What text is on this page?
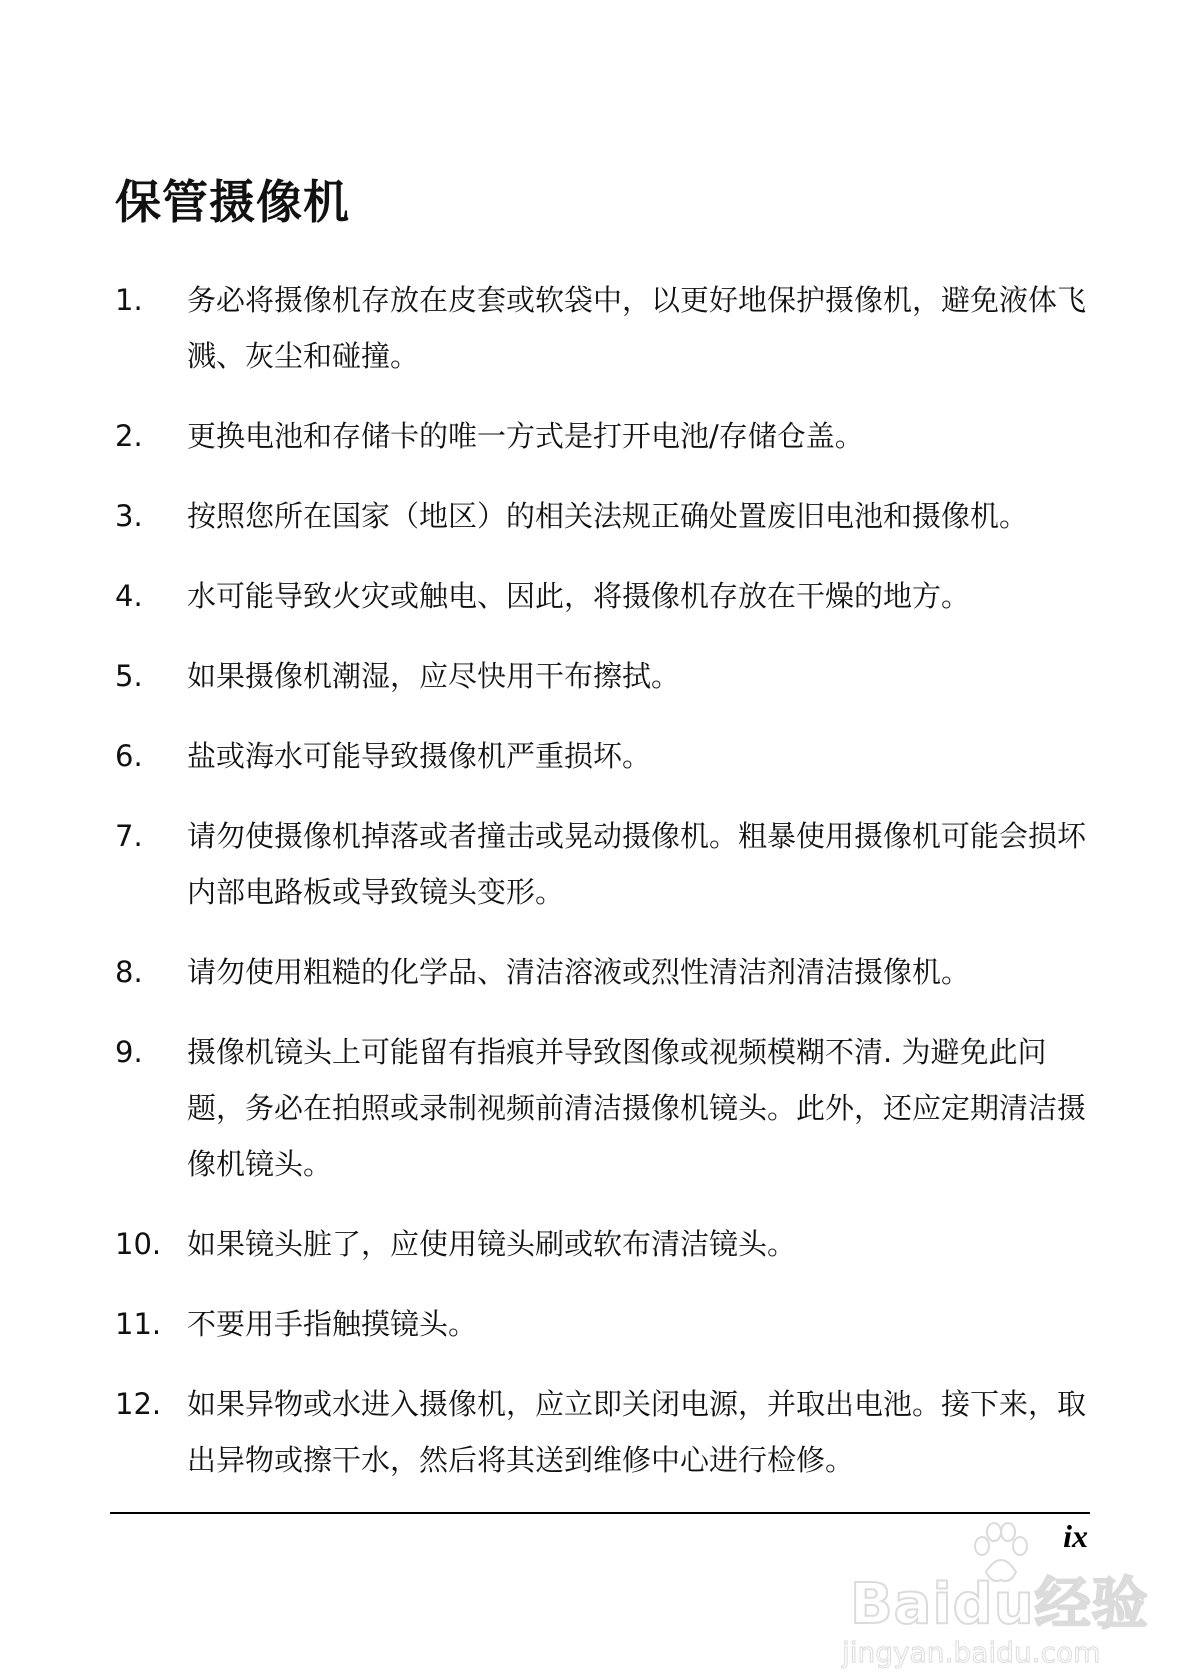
保管摄像机
1.	务必将摄像机存放在皮套或软袋中，以更好地保护摄像机，避免液体飞溅、灰尘和碰撞。
2.	更换电池和存储卡的唯一方式是打开电池/存储仓盖。
3.	按照您所在国家（地区）的相关法规正确处置废旧电池和摄像机。
4.	水可能导致火灾或触电、因此，将摄像机存放在干燥的地方。
5.	如果摄像机潮湿，应尽快用干布擦拭。
6.	盐或海水可能导致摄像机严重损坏。
7.	请勿使摄像机掉落或者撞击或晃动摄像机。粗暴使用摄像机可能会损坏内部电路板或导致镜头变形。
8.	请勿使用粗糙的化学品、清洁溶液或烈性清洁剂清洁摄像机。
9.	摄像机镜头上可能留有指痕并导致图像或视频模糊不清. 为避免此问题，务必在拍照或录制视频前清洁摄像机镜头。此外，还应定期清洁摄像机镜头。
10. 如果镜头脏了，应使用镜头刷或软布清洁镜头。
11. 不要用手指触摸镜头。
12. 如果异物或水进入摄像机，应立即关闭电源，并取出电池。接下来，取出异物或擦干水，然后将其送到维修中心进行检修。
Baidu经验
jingyan.baidu.com
ix
